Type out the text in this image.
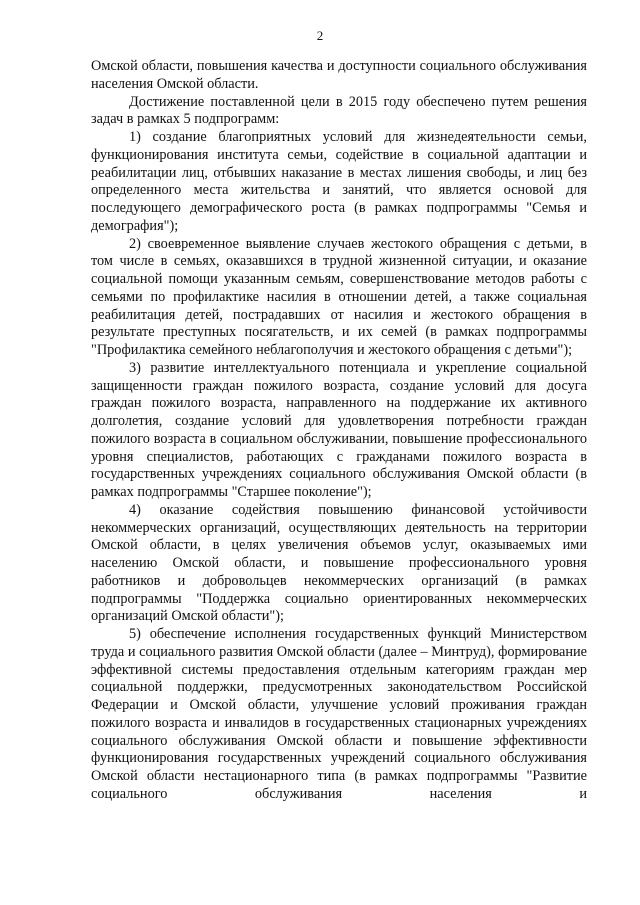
2

Омской области, повышения качества и доступности социального обслуживания населения Омской области.

Достижение поставленной цели в 2015 году обеспечено путем решения задач в рамках 5 подпрограмм:

1) создание благоприятных условий для жизнедеятельности семьи, функционирования института семьи, содействие в социальной адаптации и реабилитации лиц, отбывших наказание в местах лишения свободы, и лиц без определенного места жительства и занятий, что является основой для последующего демографического роста (в рамках подпрограммы "Семья и демография");

2) своевременное выявление случаев жестокого обращения с детьми, в том числе в семьях, оказавшихся в трудной жизненной ситуации, и оказание социальной помощи указанным семьям, совершенствование методов работы с семьями по профилактике насилия в отношении детей, а также социальная реабилитация детей, пострадавших от насилия и жестокого обращения в результате преступных посягательств, и их семей (в рамках подпрограммы "Профилактика семейного неблагополучия и жестокого обращения с детьми");

3) развитие интеллектуального потенциала и укрепление социальной защищенности граждан пожилого возраста, создание условий для досуга граждан пожилого возраста, направленного на поддержание их активного долголетия, создание условий для удовлетворения потребности граждан пожилого возраста в социальном обслуживании, повышение профессионального уровня специалистов, работающих с гражданами пожилого возраста в государственных учреждениях социального обслуживания Омской области (в рамках подпрограммы "Старшее поколение");

4) оказание содействия повышению финансовой устойчивости некоммерческих организаций, осуществляющих деятельность на территории Омской области, в целях увеличения объемов услуг, оказываемых ими населению Омской области, и повышение профессионального уровня работников и добровольцев некоммерческих организаций (в рамках подпрограммы "Поддержка социально ориентированных некоммерческих организаций Омской области");

5) обеспечение исполнения государственных функций Министерством труда и социального развития Омской области (далее – Минтруд), формирование эффективной системы предоставления отдельным категориям граждан мер социальной поддержки, предусмотренных законодательством Российской Федерации и Омской области, улучшение условий проживания граждан пожилого возраста и инвалидов в государственных стационарных учреждениях социального обслуживания Омской области и повышение эффективности функционирования государственных учреждений социального обслуживания Омской области нестационарного типа (в рамках подпрограммы "Развитие социального обслуживания населения и
